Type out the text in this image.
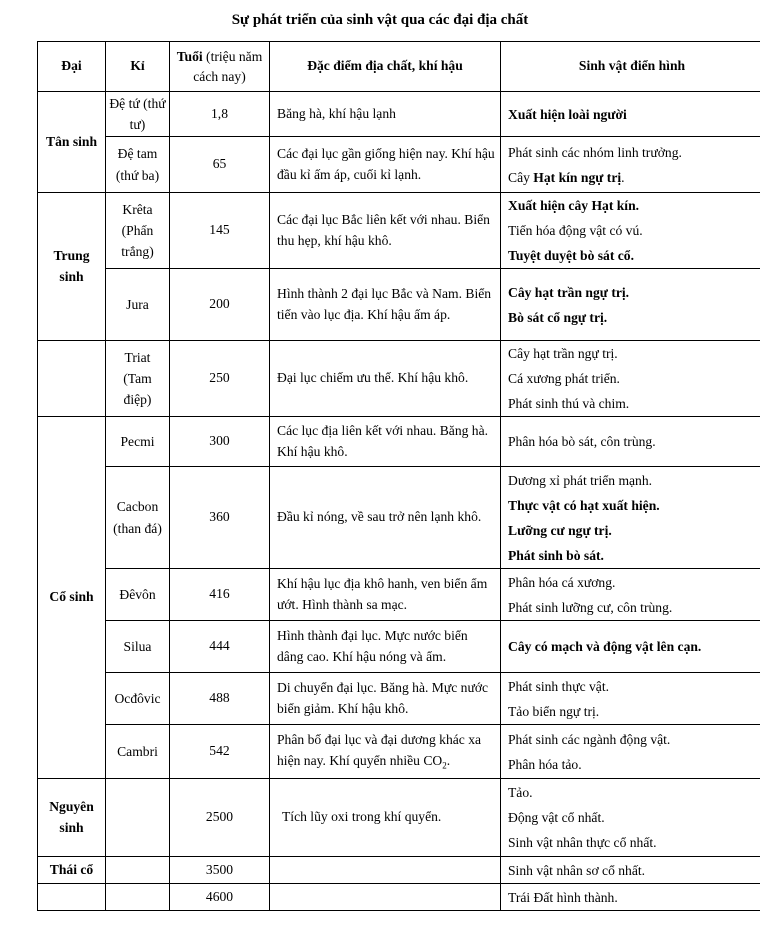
Sự phát triển của sinh vật qua các đại địa chất
Đại	Kỉ	Tuổi (triệu năm cách nay)	Đặc điểm địa chất, khí hậu	Sinh vật điển hình
Tân sinh	Đệ tứ (thứ tư)	1,8	Băng hà, khí hậu lạnh	Xuất hiện loài người

	Đệ tam (thứ ba)	65	Các đại lục gần giống hiện nay. Khí hậu đầu kỉ ấm áp, cuối kỉ lạnh.	Phát sinh các nhóm linh trưởng.
Cây Hạt kín ngự trị.

Trung sinh	Krêta (Phấn trắng)	145	Các đại lục Bắc liên kết với nhau. Biển thu hẹp, khí hậu khô.	Xuất hiện cây Hạt kín.
Tiến hóa động vật có vú.
Tuyệt duyệt bò sát cổ.

	Jura	200	Hình thành 2 đại lục Bắc và Nam. Biển tiến vào lục địa. Khí hậu ấm áp.	Cây hạt trần ngự trị.
Bò sát cổ ngự trị.

	Triat (Tam điệp)	250	Đại lục chiếm ưu thế. Khí hậu khô.	Cây hạt trần ngự trị.
Cá xương phát triển.
Phát sinh thú và chim.

Cổ sinh	Pecmi	300	Các lục địa liên kết với nhau. Băng hà. Khí hậu khô.	Phân hóa bò sát, côn trùng.

	Cacbon (than đá)	360	Đầu kỉ nóng, về sau trở nên lạnh khô.	Dương xỉ phát triển mạnh.
Thực vật có hạt xuất hiện.
Lưỡng cư ngự trị.
Phát sinh bò sát.

	Đêvôn	416	Khí hậu lục địa khô hanh, ven biển ẩm ướt. Hình thành sa mạc.	Phân hóa cá xương.
Phát sinh lưỡng cư, côn trùng.

	Silua	444	Hình thành đại lục. Mực nước biển dâng cao. Khí hậu nóng và ẩm.	Cây có mạch và động vật lên cạn.

	Ocđôvic	488	Di chuyển đại lục. Băng hà. Mực nước biển giảm. Khí hậu khô.	Phát sinh thực vật.
Tảo biển ngự trị.

	Cambri	542	Phân bố đại lục và đại dương khác xa hiện nay. Khí quyển nhiều $CO_2$.	Phát sinh các ngành động vật.
Phân hóa tảo.

Nguyên sinh		2500	Tích lũy oxi trong khí quyển.	Tảo.
Động vật cổ nhất.
Sinh vật nhân thực cổ nhất.

Thái cổ		3500		Sinh vật nhân sơ cổ nhất.

		4600		Trái Đất hình thành.
